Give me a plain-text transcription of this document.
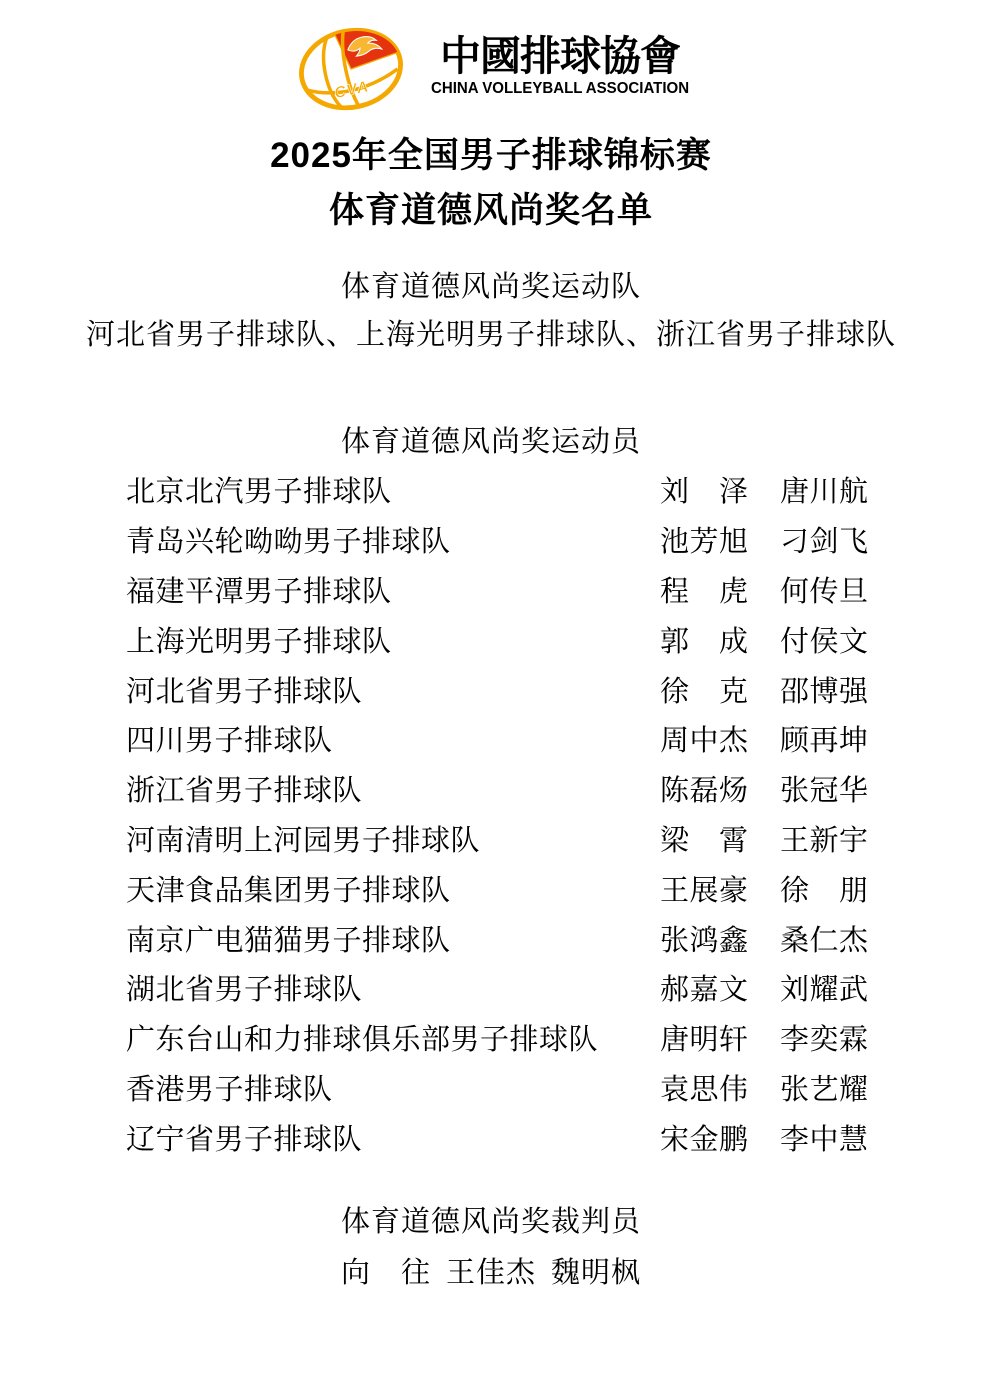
CVA
中國排球協會
CHINA VOLLEYBALL ASSOCIATION
2025年全国男子排球锦标赛
体育道德风尚奖名单
体育道德风尚奖运动队
河北省男子排球队、上海光明男子排球队、浙江省男子排球队
体育道德风尚奖运动员
北京北汽男子排球队	刘　泽 唐川航
青岛兴轮呦呦男子排球队	池芳旭 刁剑飞
福建平潭男子排球队	程　虎 何传旦
上海光明男子排球队	郭　成 付侯文
河北省男子排球队	徐　克 邵博强
四川男子排球队	周中杰 顾再坤
浙江省男子排球队	陈磊炀 张冠华
河南清明上河园男子排球队	梁　霄 王新宇
天津食品集团男子排球队	王展豪 徐　朋
南京广电猫猫男子排球队	张鸿鑫 桑仁杰
湖北省男子排球队	郝嘉文 刘耀武
广东台山和力排球俱乐部男子排球队	唐明轩 李奕霖
香港男子排球队	袁思伟 张艺耀
辽宁省男子排球队	宋金鹏 李中慧
体育道德风尚奖裁判员
向　往 王佳杰 魏明枫
